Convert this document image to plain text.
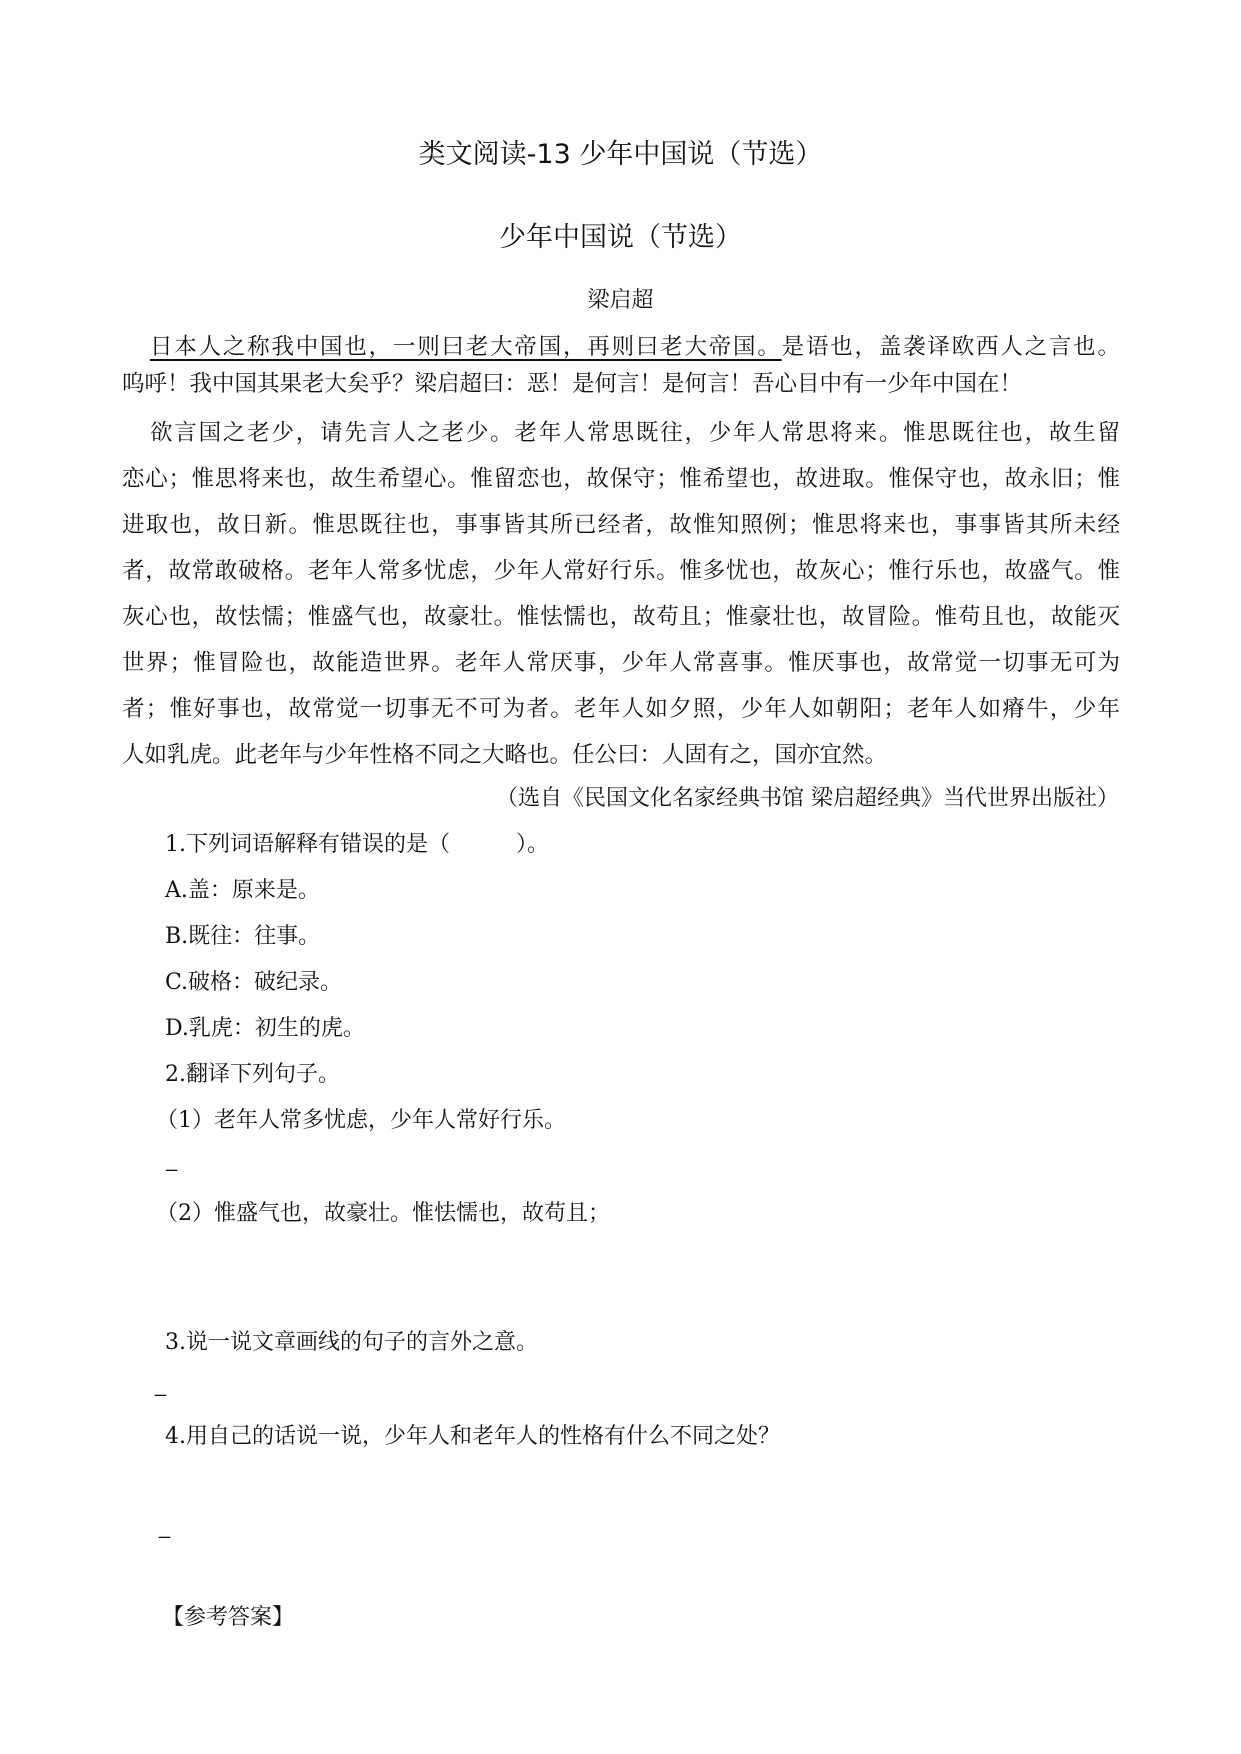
类文阅读-13 少年中国说（节选）
少年中国说（节选）
梁启超
日本人之称我中国也，一则曰老大帝国，再则曰老大帝国。是语也，盖袭译欧西人之言也。
呜呼！我中国其果老大矣乎？梁启超曰：恶！是何言！是何言！吾心目中有一少年中国在！
欲言国之老少，请先言人之老少。老年人常思既往，少年人常思将来。惟思既往也，故生留
恋心；惟思将来也，故生希望心。惟留恋也，故保守；惟希望也，故进取。惟保守也，故永旧；惟
进取也，故日新。惟思既往也，事事皆其所已经者，故惟知照例；惟思将来也，事事皆其所未经
者，故常敢破格。老年人常多忧虑，少年人常好行乐。惟多忧也，故灰心；惟行乐也，故盛气。惟
灰心也，故怯懦；惟盛气也，故豪壮。惟怯懦也，故苟且；惟豪壮也，故冒险。惟苟且也，故能灭
世界；惟冒险也，故能造世界。老年人常厌事，少年人常喜事。惟厌事也，故常觉一切事无可为
者；惟好事也，故常觉一切事无不可为者。老年人如夕照，少年人如朝阳；老年人如瘠牛，少年
人如乳虎。此老年与少年性格不同之大略也。任公曰：人固有之，国亦宜然。
（选自《民国文化名家经典书馆 梁启超经典》当代世界出版社）
1.下列词语解释有错误的是（　　　）。
A.盖：原来是。
B.既往：往事。
C.破格：破纪录。
D.乳虎：初生的虎。
2.翻译下列句子。
（1）老年人常多忧虑，少年人常好行乐。
_
（2）惟盛气也，故豪壮。惟怯懦也，故苟且；
3.说一说文章画线的句子的言外之意。
_
4.用自己的话说一说，少年人和老年人的性格有什么不同之处？
_
【参考答案】
